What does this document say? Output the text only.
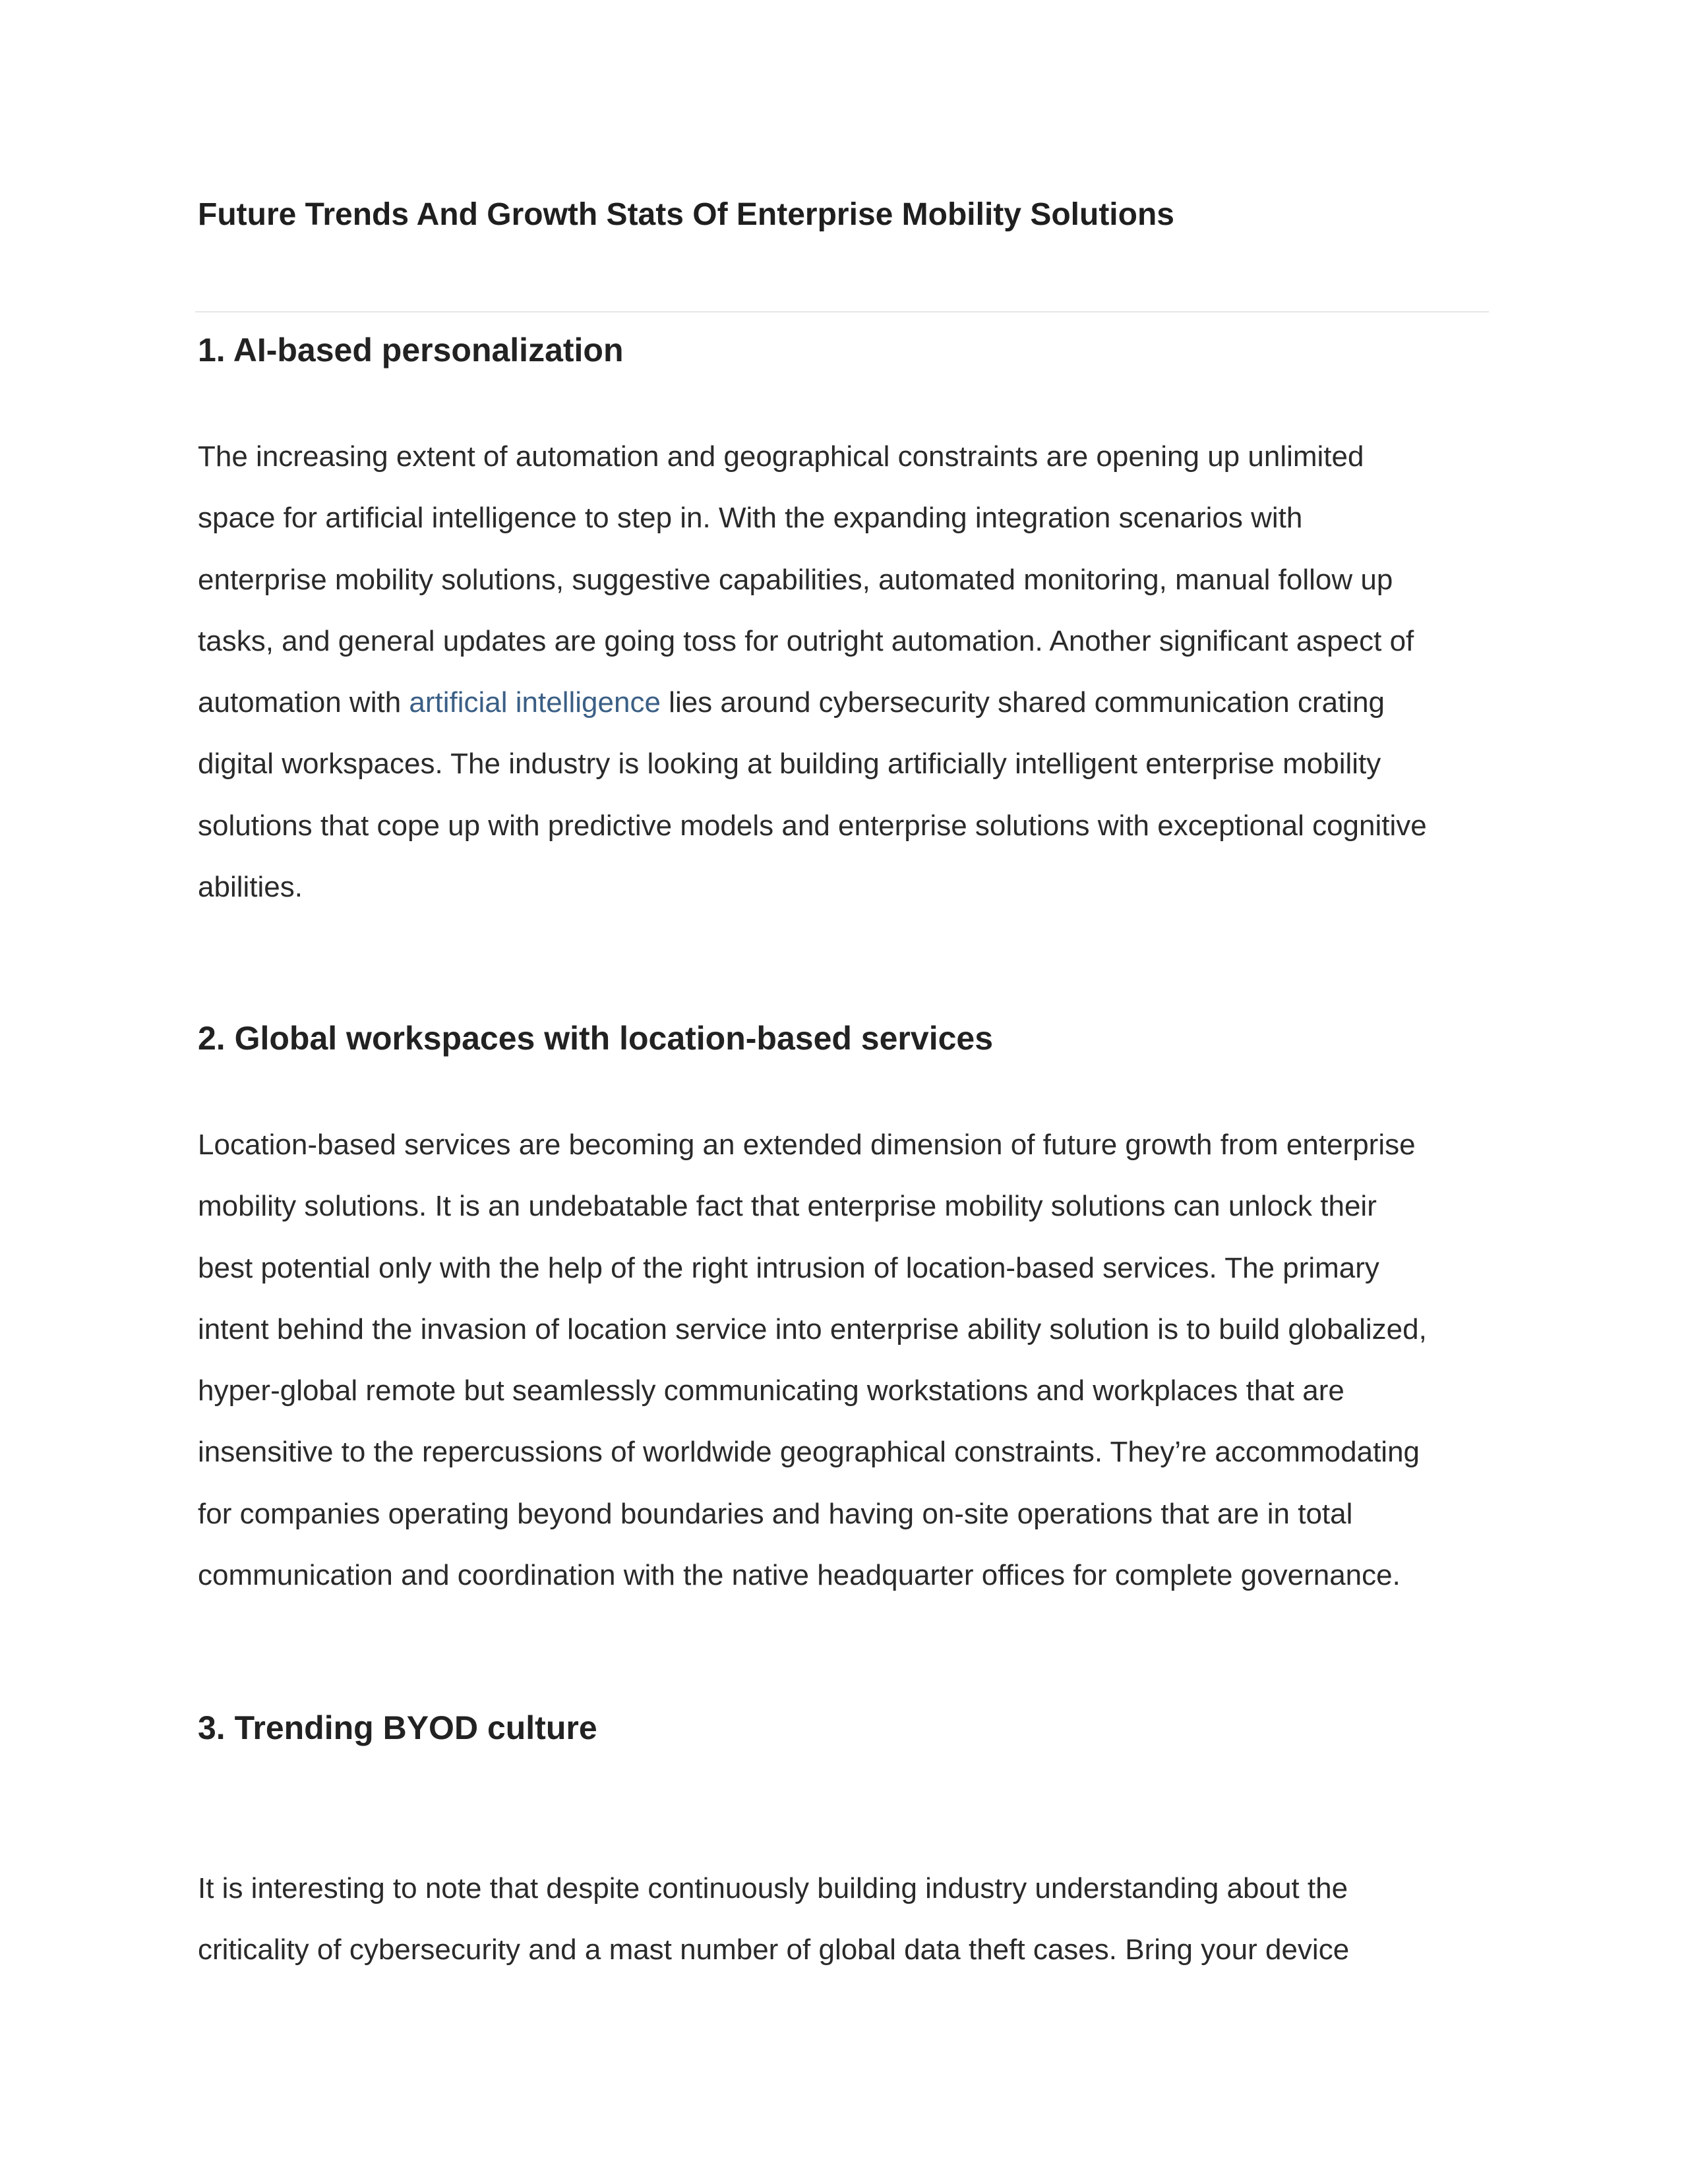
Future Trends And Growth Stats Of Enterprise Mobility Solutions
1. AI-based personalization
The increasing extent of automation and geographical constraints are opening up unlimited
space for artificial intelligence to step in. With the expanding integration scenarios with
enterprise mobility solutions, suggestive capabilities, automated monitoring, manual follow up
tasks, and general updates are going toss for outright automation. Another significant aspect of
automation with artificial intelligence lies around cybersecurity shared communication crating
digital workspaces. The industry is looking at building artificially intelligent enterprise mobility
solutions that cope up with predictive models and enterprise solutions with exceptional cognitive
abilities.
2. Global workspaces with location-based services
Location-based services are becoming an extended dimension of future growth from enterprise
mobility solutions. It is an undebatable fact that enterprise mobility solutions can unlock their
best potential only with the help of the right intrusion of location-based services. The primary
intent behind the invasion of location service into enterprise ability solution is to build globalized,
hyper-global remote but seamlessly communicating workstations and workplaces that are
insensitive to the repercussions of worldwide geographical constraints. They’re accommodating
for companies operating beyond boundaries and having on-site operations that are in total
communication and coordination with the native headquarter offices for complete governance.
3. Trending BYOD culture
It is interesting to note that despite continuously building industry understanding about the
criticality of cybersecurity and a mast number of global data theft cases. Bring your device
